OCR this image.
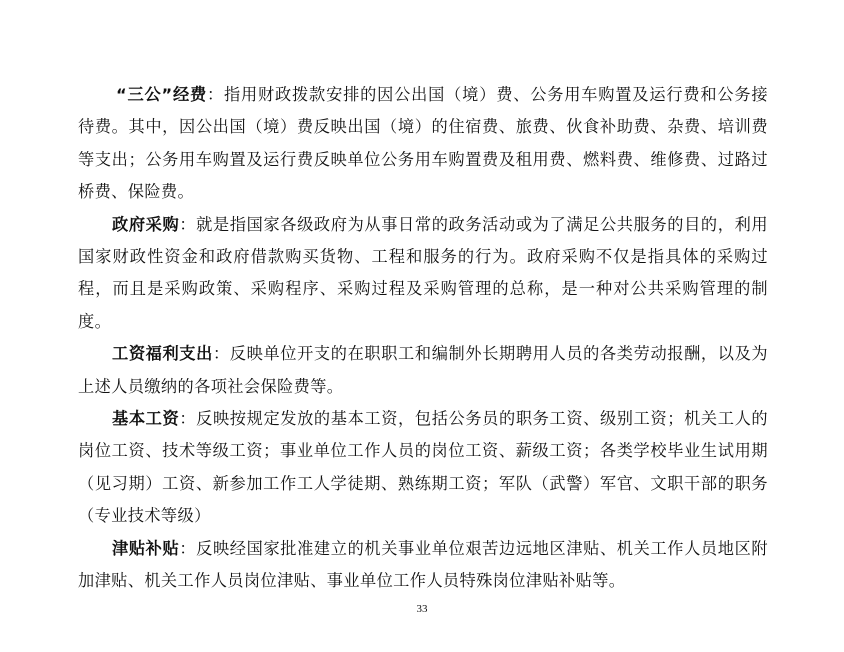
“三公”经费：指用财政拨款安排的因公出国（境）费、公务用车购置及运行费和公务接待费。其中，因公出国（境）费反映出国（境）的住宿费、旅费、伙食补助费、杂费、培训费等支出；公务用车购置及运行费反映单位公务用车购置费及租用费、燃料费、维修费、过路过桥费、保险费。

政府采购：就是指国家各级政府为从事日常的政务活动或为了满足公共服务的目的，利用国家财政性资金和政府借款购买货物、工程和服务的行为。政府采购不仅是指具体的采购过程，而且是采购政策、采购程序、采购过程及采购管理的总称，是一种对公共采购管理的制度。

工资福利支出：反映单位开支的在职职工和编制外长期聘用人员的各类劳动报酬，以及为上述人员缴纳的各项社会保险费等。

基本工资：反映按规定发放的基本工资，包括公务员的职务工资、级别工资；机关工人的岗位工资、技术等级工资；事业单位工作人员的岗位工资、薪级工资；各类学校毕业生试用期（见习期）工资、新参加工作工人学徒期、熟练期工资；军队（武警）军官、文职干部的职务（专业技术等级）

津贴补贴：反映经国家批准建立的机关事业单位艰苦边远地区津贴、机关工作人员地区附加津贴、机关工作人员岗位津贴、事业单位工作人员特殊岗位津贴补贴等。

33
